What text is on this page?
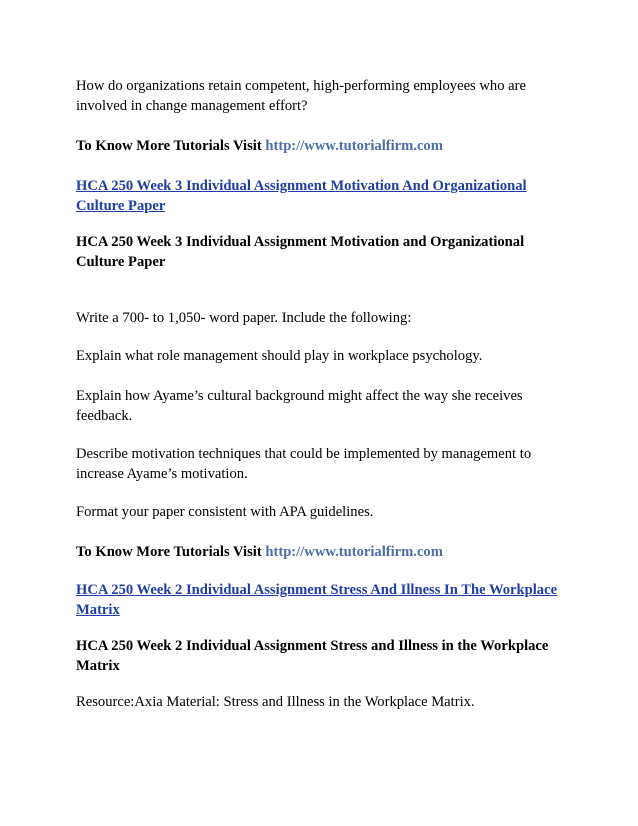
How do organizations retain competent, high-performing employees who are involved in change management effort?

To Know More Tutorials Visit http://www.tutorialfirm.com

HCA 250 Week 3 Individual Assignment Motivation And Organizational Culture Paper

HCA 250 Week 3 Individual Assignment Motivation and Organizational Culture Paper

Write a 700- to 1,050- word paper. Include the following:

Explain what role management should play in workplace psychology.

Explain how Ayame’s cultural background might affect the way she receives feedback.

Describe motivation techniques that could be implemented by management to increase Ayame’s motivation.

Format your paper consistent with APA guidelines.

To Know More Tutorials Visit http://www.tutorialfirm.com

HCA 250 Week 2 Individual Assignment Stress And Illness In The Workplace Matrix

HCA 250 Week 2 Individual Assignment Stress and Illness in the Workplace Matrix

Resource:Axia Material: Stress and Illness in the Workplace Matrix.
